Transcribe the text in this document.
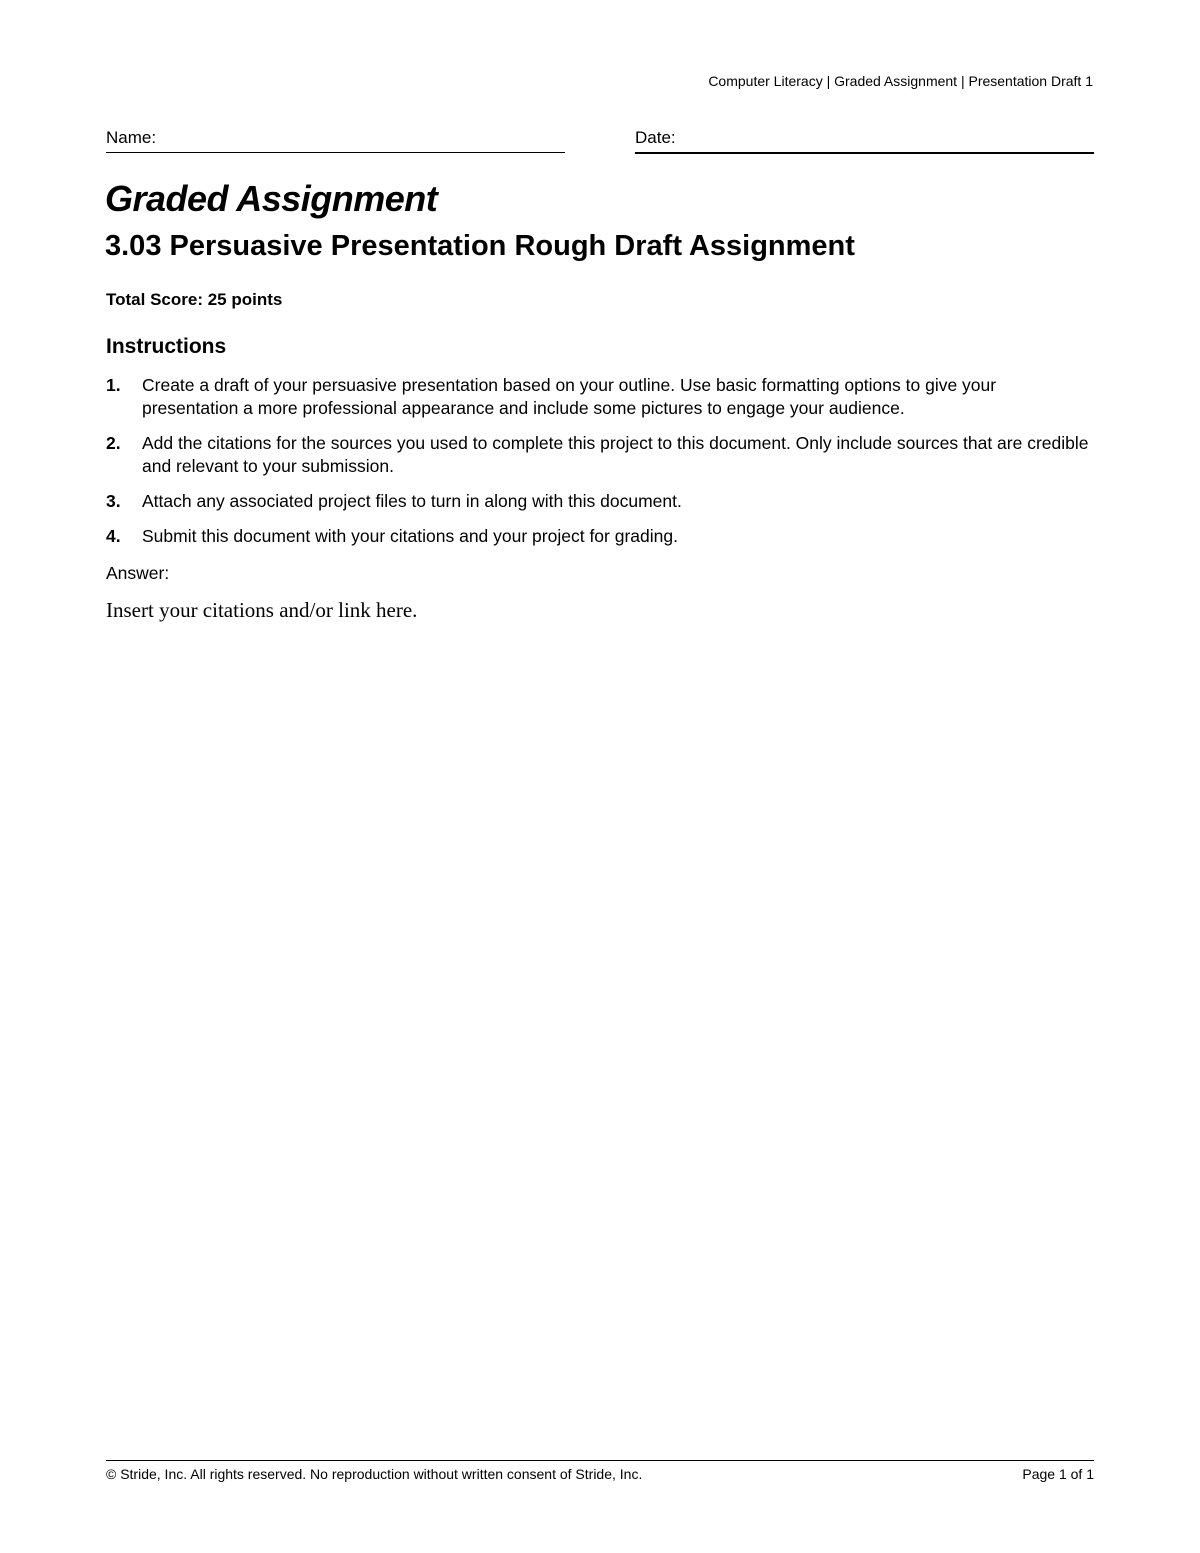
Computer Literacy | Graded Assignment | Presentation Draft 1
Name:	Date:
Graded Assignment
3.03 Persuasive Presentation Rough Draft Assignment
Total Score: 25 points
Instructions
1. Create a draft of your persuasive presentation based on your outline. Use basic formatting options to give your presentation a more professional appearance and include some pictures to engage your audience.
2. Add the citations for the sources you used to complete this project to this document. Only include sources that are credible and relevant to your submission.
3. Attach any associated project files to turn in along with this document.
4. Submit this document with your citations and your project for grading.
Answer:
Insert your citations and/or link here.
© Stride, Inc. All rights reserved. No reproduction without written consent of Stride, Inc.	Page 1 of 1
